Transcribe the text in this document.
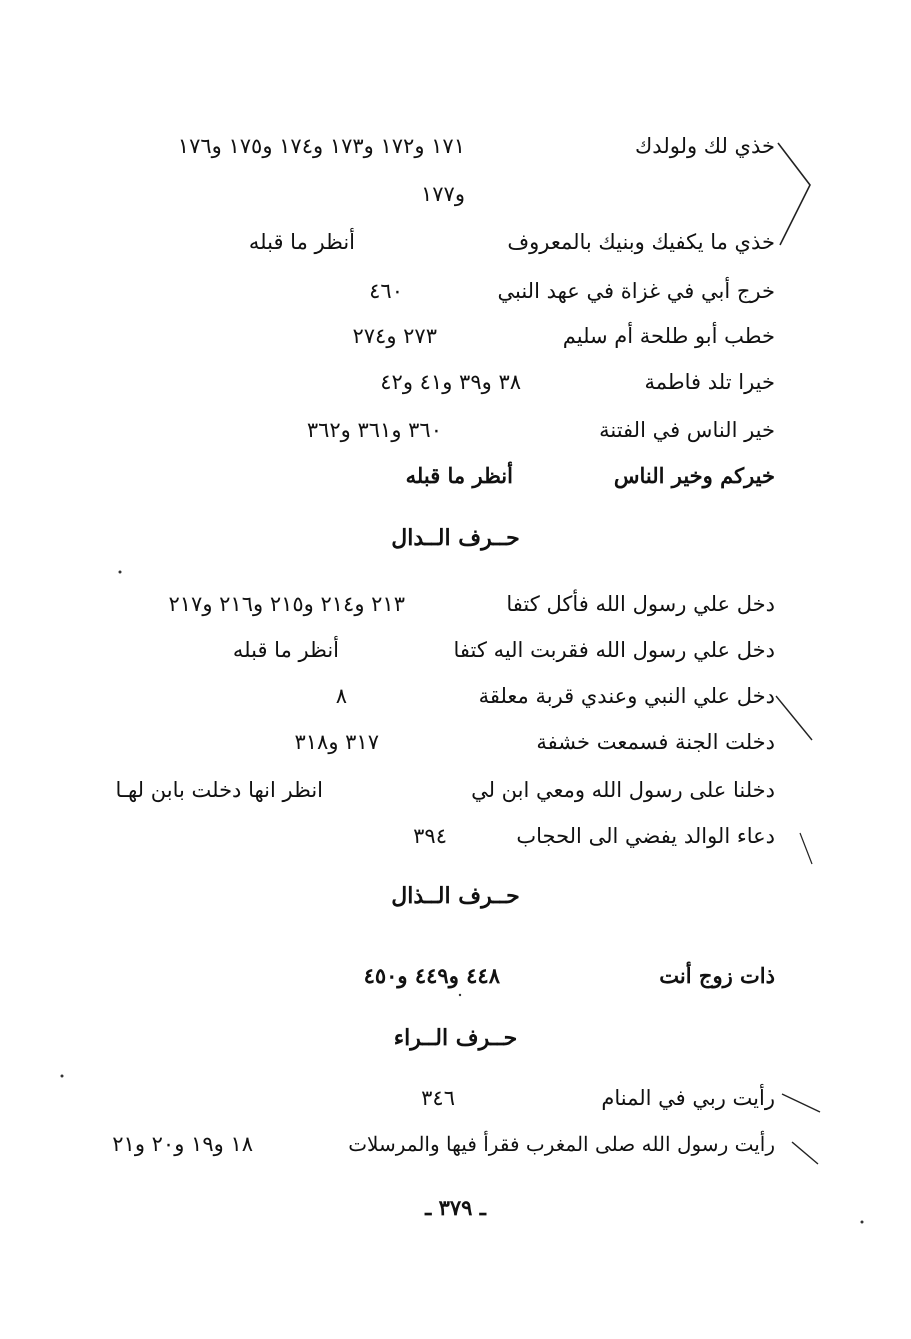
خذي لك ولولدك
١٧١ و١٧٢ و١٧٣ و١٧٤ و١٧٥ و١٧٦
و١٧٧
خذي ما يكفيك وبنيك بالمعروف
أنظر ما قبله
خرج أبي في غزاة في عهد النبي
٤٦٠
خطب أبو طلحة أم سليم
٢٧٣ و٢٧٤
خيرا تلد فاطمة
٣٨ و٣٩ و٤١ و٤٢
خير الناس في الفتنة
٣٦٠ و٣٦١ و٣٦٢
خيركم وخير الناس
أنظر ما قبله
حــرف الــدال
دخل علي رسول الله فأكل كتفا
٢١٣ و٢١٤ و٢١٥ و٢١٦ و٢١٧
دخل علي رسول الله فقربت اليه كتفا
أنظر ما قبله
دخل علي النبي وعندي قربة معلقة
٨
دخلت الجنة فسمعت خشفة
٣١٧ و٣١٨
دخلنا على رسول الله ومعي ابن لي
انظر انها دخلت بابن لهـا
دعاء الوالد يفضي الى الحجاب
٣٩٤
حــرف الــذال
ذات زوج أنت
٤٤٨ و٤٤٩ و٤٥٠
حــرف الــراء
رأيت ربي في المنام
٣٤٦
رأيت رسول الله صلى المغرب فقرأ فيها والمرسلات
١٨ و١٩ و٢٠ و٢١
ـ ٣٧٩ ـ
